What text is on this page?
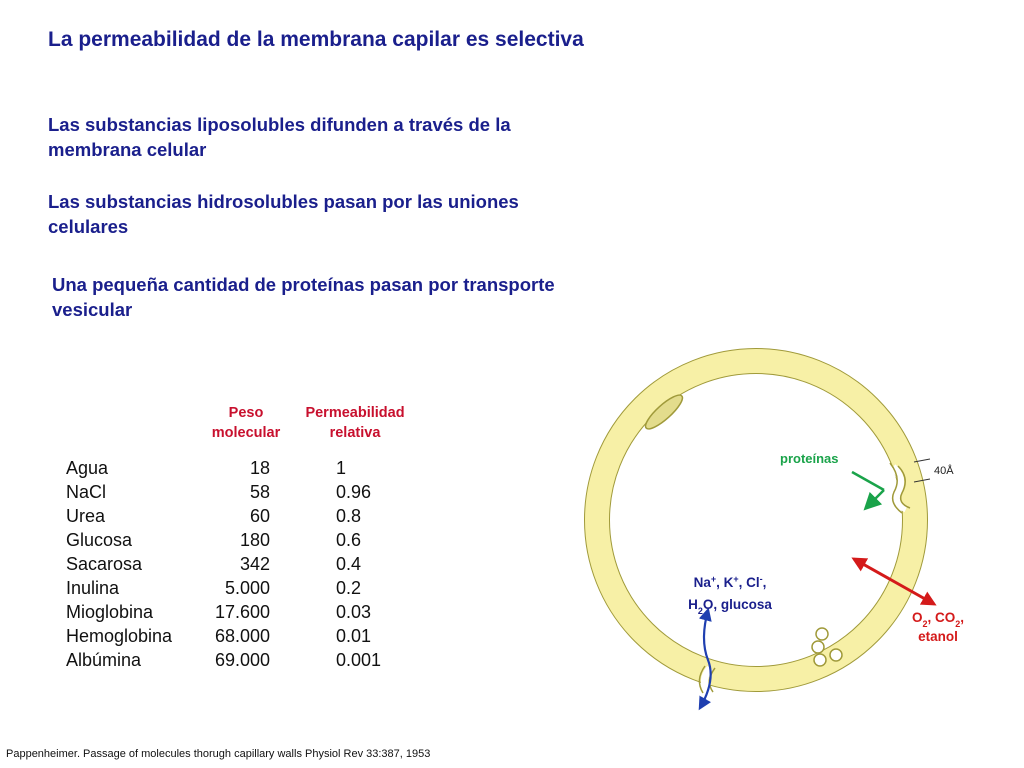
La permeabilidad de la membrana capilar es selectiva

Las substancias liposolubles difunden a través de la membrana celular

Las substancias hidrosolubles pasan por las uniones celulares

Una pequeña cantidad de proteínas pasan por transporte vesicular

Peso
molecular
Permeabilidad
relativa
Agua	18	1
NaCl	58	0.96
Urea	60	0.8
Glucosa	180	0.6
Sacarosa	342	0.4
Inulina	5.000	0.2
Mioglobina	17.600	0.03
Hemoglobina	68.000	0.01
Albúmina	69.000	0.001
40Å
proteínas
Na+, K+, Cl-,
$H_2O$, glucosa
$O_2$, $CO_2$,
etanol
Pappenheimer. Passage of molecules thorugh capillary walls Physiol Rev 33:387, 1953
